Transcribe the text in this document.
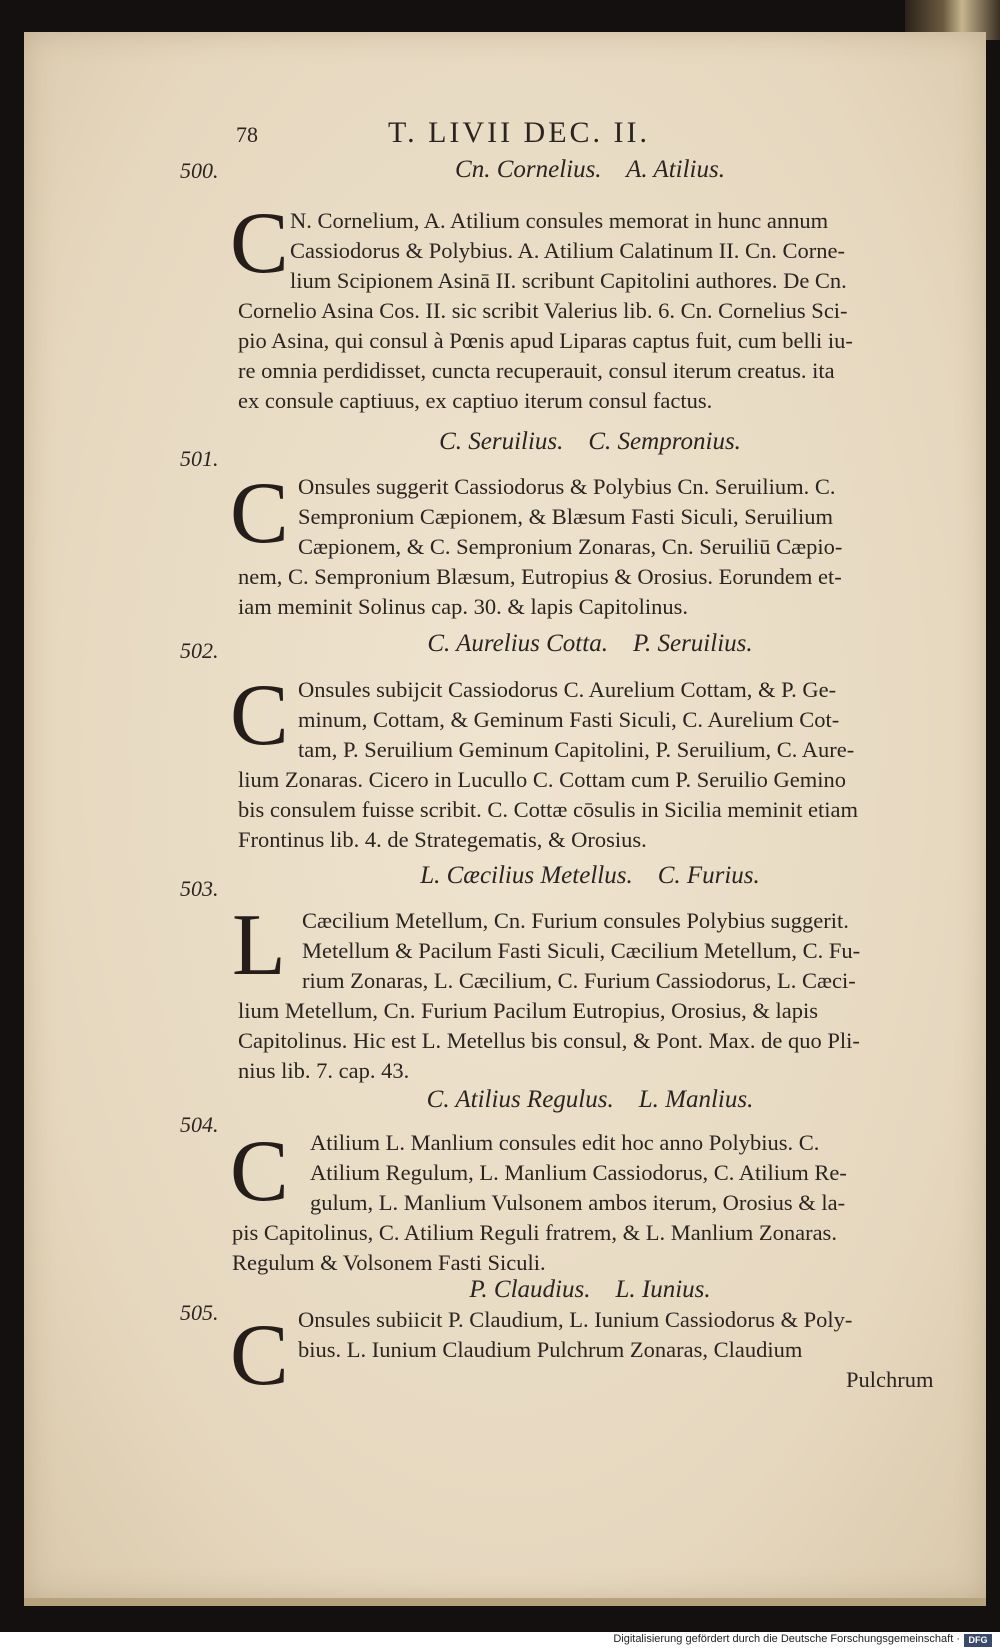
78	T. LIVII DEC. II.
500.	Cn. Cornelius.    A. Atilius.
C N. Cornelium, A. Atilium consules memorat in hunc annum
Cassiodorus & Polybius. A. Atilium Calatinum II. Cn. Corne-
lium Scipionem Asinā II. scribunt Capitolini authores. De Cn.
Cornelio Asina Cos. II. sic scribit Valerius lib. 6. Cn. Cornelius Sci-
pio Asina, qui consul à Pœnis apud Liparas captus fuit, cum belli iu-
re omnia perdidisset, cuncta recuperauit, consul iterum creatus. ita
ex consule captiuus, ex captiuo iterum consul factus.
501.
C. Seruilius.    C. Sempronius.
C Onsules suggerit Cassiodorus & Polybius Cn. Seruilium. C.
Sempronium Cæpionem, & Blæsum Fasti Siculi, Seruilium
Cæpionem, & C. Sempronium Zonaras, Cn. Seruiliū Cæpio-
nem, C. Sempronium Blæsum, Eutropius & Orosius. Eorundem et-
iam meminit Solinus cap. 30. & lapis Capitolinus.
502.	C. Aurelius Cotta.    P. Seruilius.
C Onsules subijcit Cassiodorus C. Aurelium Cottam, & P. Ge-
minum, Cottam, & Geminum Fasti Siculi, C. Aurelium Cot-
tam, P. Seruilium Geminum Capitolini, P. Seruilium, C. Aure-
lium Zonaras. Cicero in Lucullo C. Cottam cum P. Seruilio Gemino
bis consulem fuisse scribit. C. Cottæ cōsulis in Sicilia meminit etiam
Frontinus lib. 4. de Strategematis, & Orosius.
503.	L. Cæcilius Metellus.    C. Furius.
L Cæcilium Metellum, Cn. Furium consules Polybius suggerit.
Metellum & Pacilum Fasti Siculi, Cæcilium Metellum, C. Fu-
rium Zonaras, L. Cæcilium, C. Furium Cassiodorus, L. Cæci-
lium Metellum, Cn. Furium Pacilum Eutropius, Orosius, & lapis
Capitolinus. Hic est L. Metellus bis consul, & Pont. Max. de quo Pli-
nius lib. 7. cap. 43.
504.
C. Atilius Regulus.    L. Manlius.
C Atilium L. Manlium consules edit hoc anno Polybius. C.
Atilium Regulum, L. Manlium Cassiodorus, C. Atilium Re-
gulum, L. Manlium Vulsonem ambos iterum, Orosius & la-
pis Capitolinus, C. Atilium Reguli fratrem, & L. Manlium Zonaras.
Regulum & Volsonem Fasti Siculi.
505.
P. Claudius.    L. Iunius.
C Onsules subiicit P. Claudium, L. Iunium Cassiodorus & Poly-
bius. L. Iunium Claudium Pulchrum Zonaras, Claudium
Pulchrum
Digitalisierung gefördert durch die Deutsche Forschungsgemeinschaft · DFG
